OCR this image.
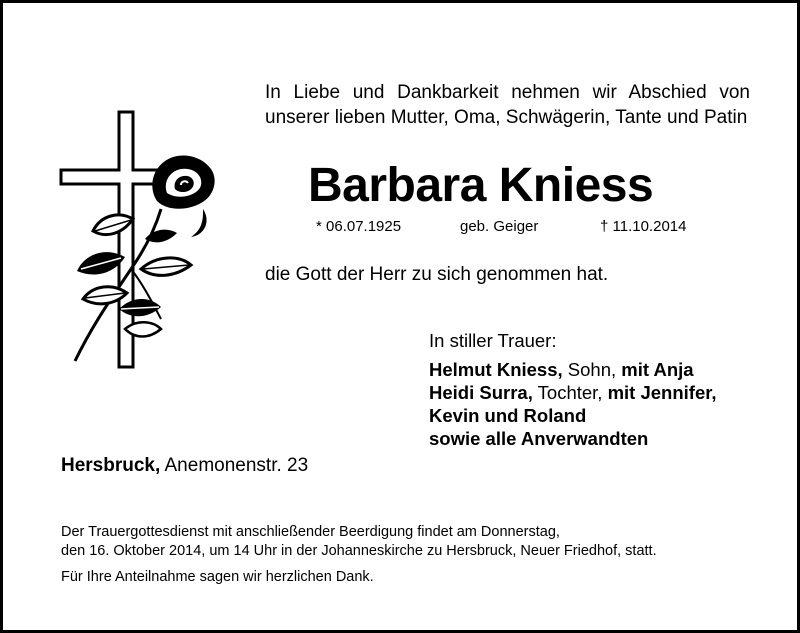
In Liebe und Dankbarkeit nehmen wir Abschied von unserer lieben Mutter, Oma, Schwägerin, Tante und Patin
Barbara Kniess
* 06.07.1925	geb. Geiger	† 11.10.2014
die Gott der Herr zu sich genommen hat.
In stiller Trauer:
Helmut Kniess, Sohn, mit Anja
Heidi Surra, Tochter, mit Jennifer,
Kevin und Roland
sowie alle Anverwandten
Hersbruck, Anemonenstr. 23
Der Trauergottesdienst mit anschließender Beerdigung findet am Donnerstag,
den 16. Oktober 2014, um 14 Uhr in der Johanneskirche zu Hersbruck, Neuer Friedhof, statt.
Für Ihre Anteilnahme sagen wir herzlichen Dank.
